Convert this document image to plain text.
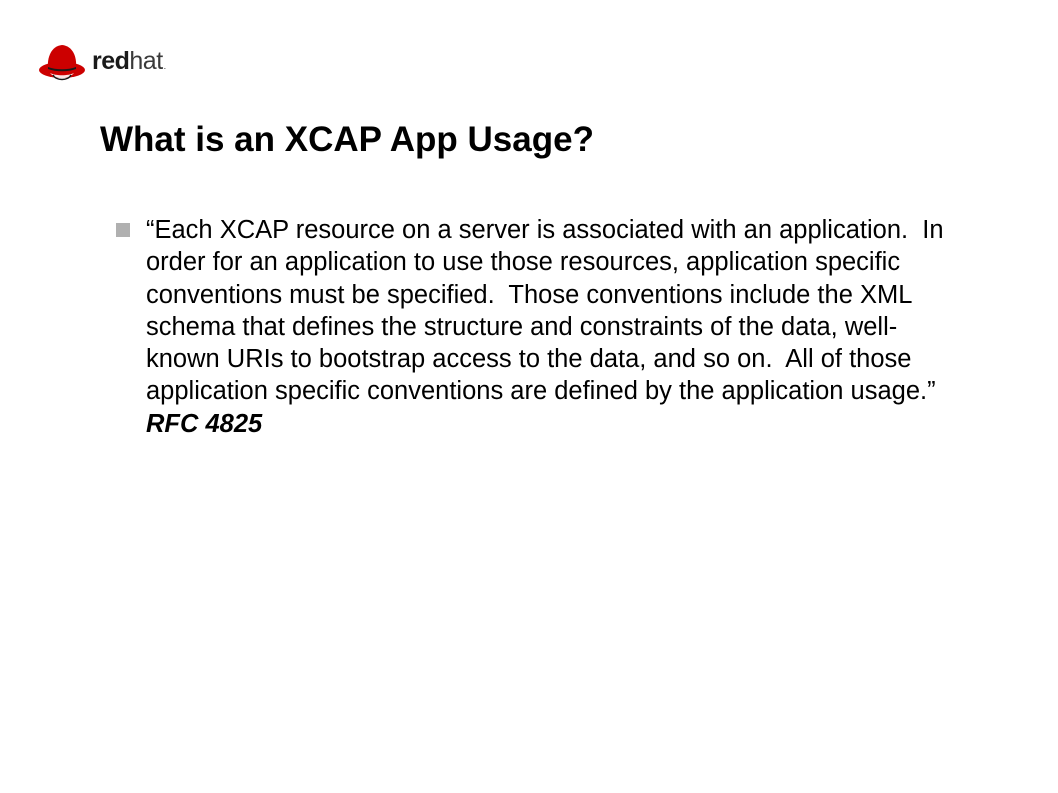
red hat .
What is an XCAP App Usage?
“Each XCAP resource on a server is associated with an application.  In order for an application to use those resources, application specific conventions must be specified.  Those conventions include the XML schema that defines the structure and constraints of the data, well-known URIs to bootstrap access to the data, and so on.  All of those application specific conventions are defined by the application usage.” RFC 4825
